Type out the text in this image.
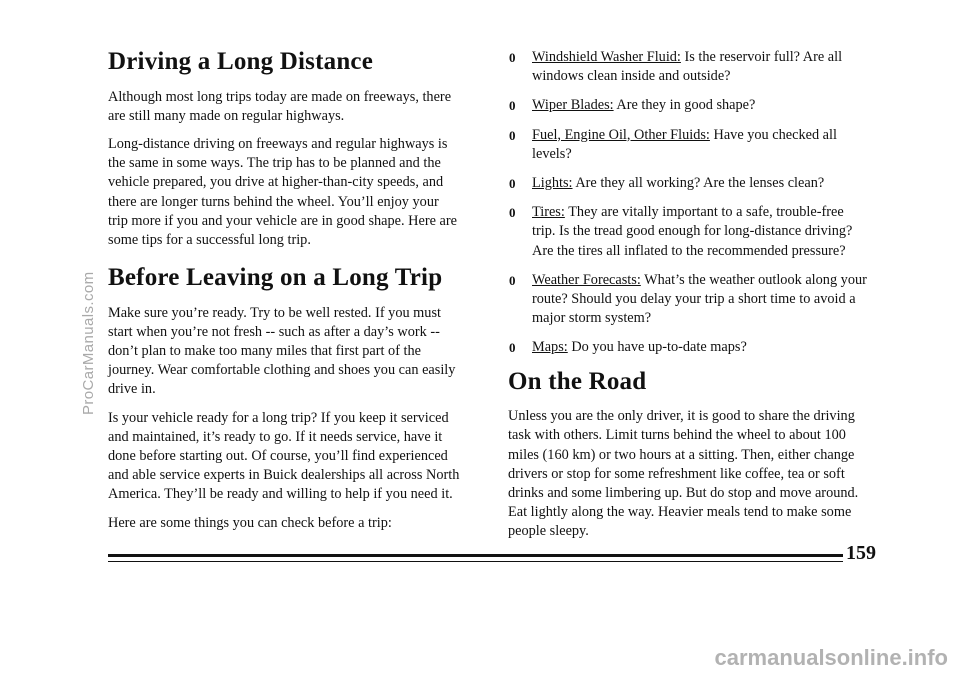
Driving a Long Distance

Although most long trips today are made on freeways, there are still many made on regular highways.

Long-distance driving on freeways and regular highways is the same in some ways. The trip has to be planned and the vehicle prepared, you drive at higher-than-city speeds, and there are longer turns behind the wheel. You’ll enjoy your trip more if you and your vehicle are in good shape. Here are some tips for a successful long trip.

Before Leaving on a Long Trip

Make sure you’re ready. Try to be well rested. If you must start when you’re not fresh -- such as after a day’s work -- don’t plan to make too many miles that first part of the journey. Wear comfortable clothing and shoes you can easily drive in.

Is your vehicle ready for a long trip? If you keep it serviced and maintained, it’s ready to go. If it needs service, have it done before starting out. Of course, you’ll find experienced and able service experts in Buick dealerships all across North America. They’ll be ready and willing to help if you need it.

Here are some things you can check before a trip:

0 Windshield Washer Fluid: Is the reservoir full? Are all windows clean inside and outside?
0 Wiper Blades: Are they in good shape?
0 Fuel, Engine Oil, Other Fluids: Have you checked all levels?
0 Lights: Are they all working? Are the lenses clean?
0 Tires: They are vitally important to a safe, trouble-free trip. Is the tread good enough for long-distance driving? Are the tires all inflated to the recommended pressure?
0 Weather Forecasts: What’s the weather outlook along your route? Should you delay your trip a short time to avoid a major storm system?
0 Maps: Do you have up-to-date maps?
On the Road

Unless you are the only driver, it is good to share the driving task with others. Limit turns behind the wheel to about 100 miles (160 km) or two hours at a sitting. Then, either change drivers or stop for some refreshment like coffee, tea or soft drinks and some limbering up. But do stop and move around. Eat lightly along the way. Heavier meals tend to make some people sleepy.

159
ProCarManuals.com
carmanualsonline.info
